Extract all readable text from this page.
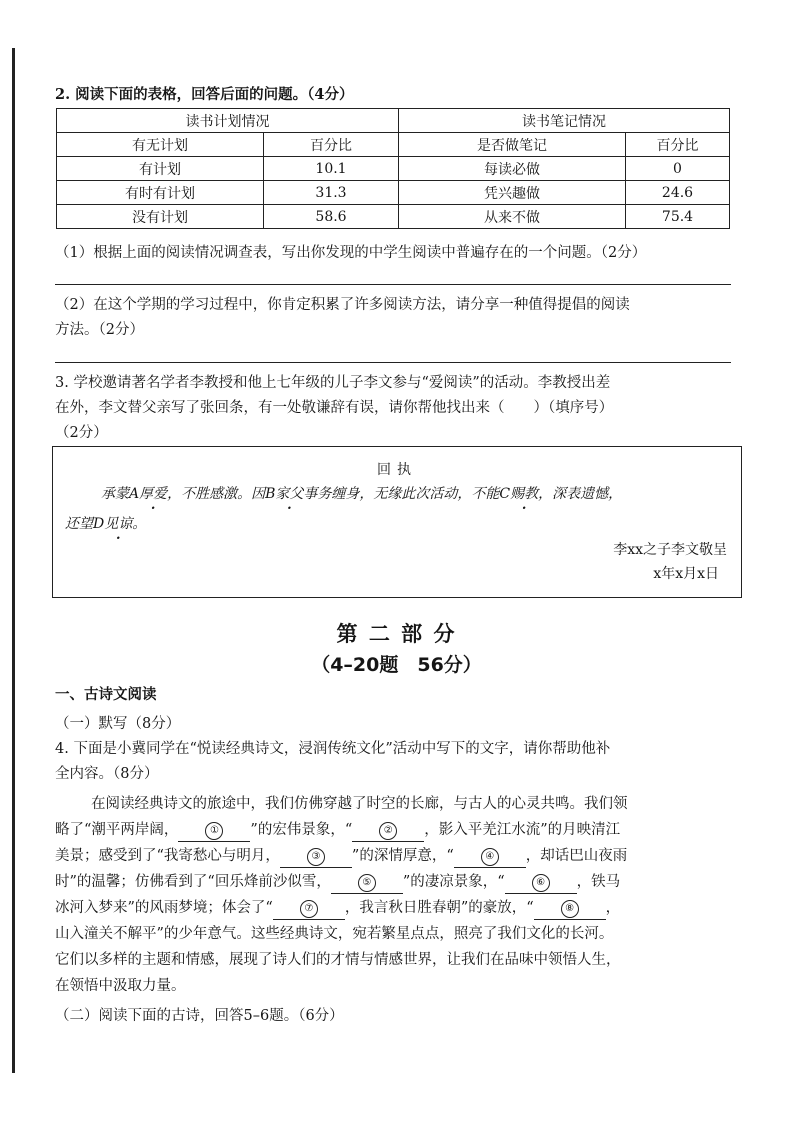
2. 阅读下面的表格，回答后面的问题。（4分）
读书计划情况		读书笔记情况	
有无计划	百分比	是否做笔记	百分比
有计划	10.1	每读必做	0
有时有计划	31.3	凭兴趣做	24.6
没有计划	58.6	从来不做	75.4
（1）根据上面的阅读情况调查表，写出你发现的中学生阅读中普遍存在的一个问题。（2分）
（2）在这个学期的学习过程中，你肯定积累了许多阅读方法，请分享一种值得提倡的阅读
方法。（2分）
3. 学校邀请著名学者李教授和他上七年级的儿子李文参与“爱阅读”的活动。李教授出差
在外，李文替父亲写了张回条，有一处敬谦辞有误，请你帮他找出来（　　）（填序号）
（2分）
回执
承蒙A厚爱，不胜感激。因B家父事务缠身，无缘此次活动，不能C赐教，深表遗憾，
还望D见谅。
李xx之子李文敬呈
x年x月x日
第 二 部 分
（4–20题　56分）
一、古诗文阅读
（一）默写（8分）
4. 下面是小冀同学在“悦读经典诗文，浸润传统文化”活动中写下的文字，请你帮助他补
全内容。（8分）
在阅读经典诗文的旅途中，我们仿佛穿越了时空的长廊，与古人的心灵共鸣。我们领
略了“潮平两岸阔，	① ”的宏伟景象，“	② ，影入平羌江水流”的月映清江
美景；感受到了“我寄愁心与明月，	③ ”的深情厚意，“	④ ，却话巴山夜雨
时”的温馨；仿佛看到了“回乐烽前沙似雪，	⑤ ”的凄凉景象，“	⑥ ，铁马
冰河入梦来”的风雨梦境；体会了“	⑦ ，我言秋日胜春朝”的豪放，“	⑧ ，
山入潼关不解平”的少年意气。这些经典诗文，宛若繁星点点，照亮了我们文化的长河。
它们以多样的主题和情感，展现了诗人们的才情与情感世界，让我们在品味中领悟人生，
在领悟中汲取力量。
（二）阅读下面的古诗，回答5–6题。（6分）
